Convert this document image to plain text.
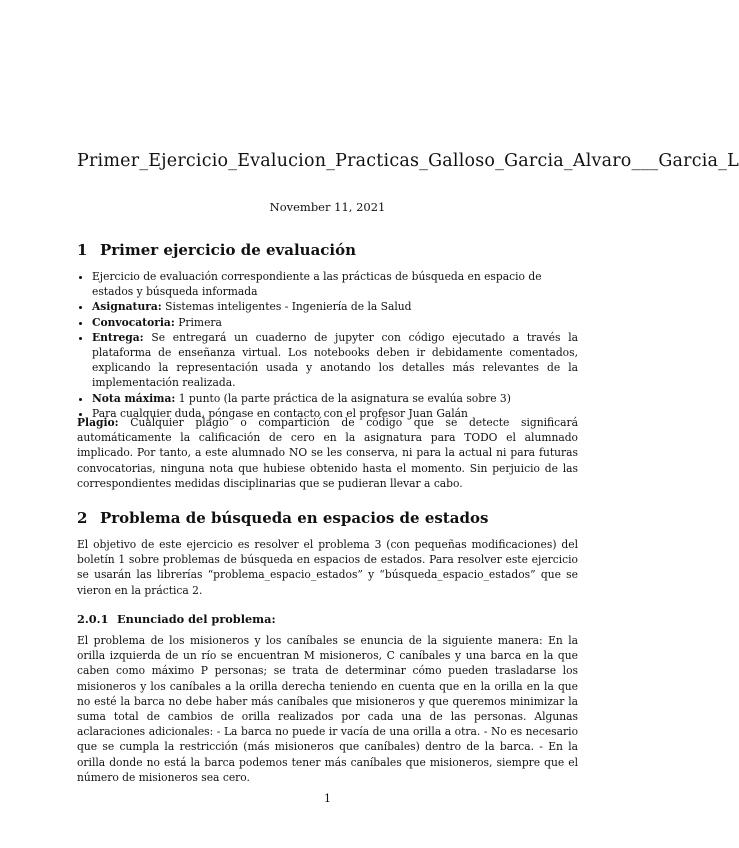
Primer_Ejercicio_Evalucion_Practicas_Galloso_Garcia_Alvaro___Garcia_L
November 11, 2021
1 Primer ejercicio de evaluación
• Ejercicio de evaluación correspondiente a las prácticas de búsqueda en espacio de estados y búsqueda informada
• Asignatura: Sistemas inteligentes - Ingeniería de la Salud
• Convocatoria: Primera
• Entrega: Se entregará un cuaderno de jupyter con código ejecutado a través la plataforma de enseñanza virtual. Los notebooks deben ir debidamente comentados, explicando la representación usada y anotando los detalles más relevantes de la implementación realizada.
• Nota máxima: 1 punto (la parte práctica de la asignatura se evalúa sobre 3)
• Para cualquier duda, póngase en contacto con el profesor Juan Galán
Plagio: Cualquier plagio o compartición de código que se detecte significará automáticamente la calificación de cero en la asignatura para TODO el alumnado implicado. Por tanto, a este alumnado NO se les conserva, ni para la actual ni para futuras convocatorias, ninguna nota que hubiese obtenido hasta el momento. Sin perjuicio de las correspondientes medidas disciplinarias que se pudieran llevar a cabo.
2 Problema de búsqueda en espacios de estados
El objetivo de este ejercicio es resolver el problema 3 (con pequeñas modificaciones) del boletín 1 sobre problemas de búsqueda en espacios de estados. Para resolver este ejercicio se usarán las librerías “problema_espacio_estados” y “búsqueda_espacio_estados” que se vieron en la práctica 2.
2.0.1 Enunciado del problema:
El problema de los misioneros y los caníbales se enuncia de la siguiente manera: En la orilla izquierda de un río se encuentran M misioneros, C caníbales y una barca en la que caben como máximo P personas; se trata de determinar cómo pueden trasladarse los misioneros y los caníbales a la orilla derecha teniendo en cuenta que en la orilla en la que no esté la barca no debe haber más caníbales que misioneros y que queremos minimizar la suma total de cambios de orilla realizados por cada una de las personas. Algunas aclaraciones adicionales: - La barca no puede ir vacía de una orilla a otra. - No es necesario que se cumpla la restricción (más misioneros que caníbales) dentro de la barca. - En la orilla donde no está la barca podemos tener más caníbales que misioneros, siempre que el número de misioneros sea cero.
1
